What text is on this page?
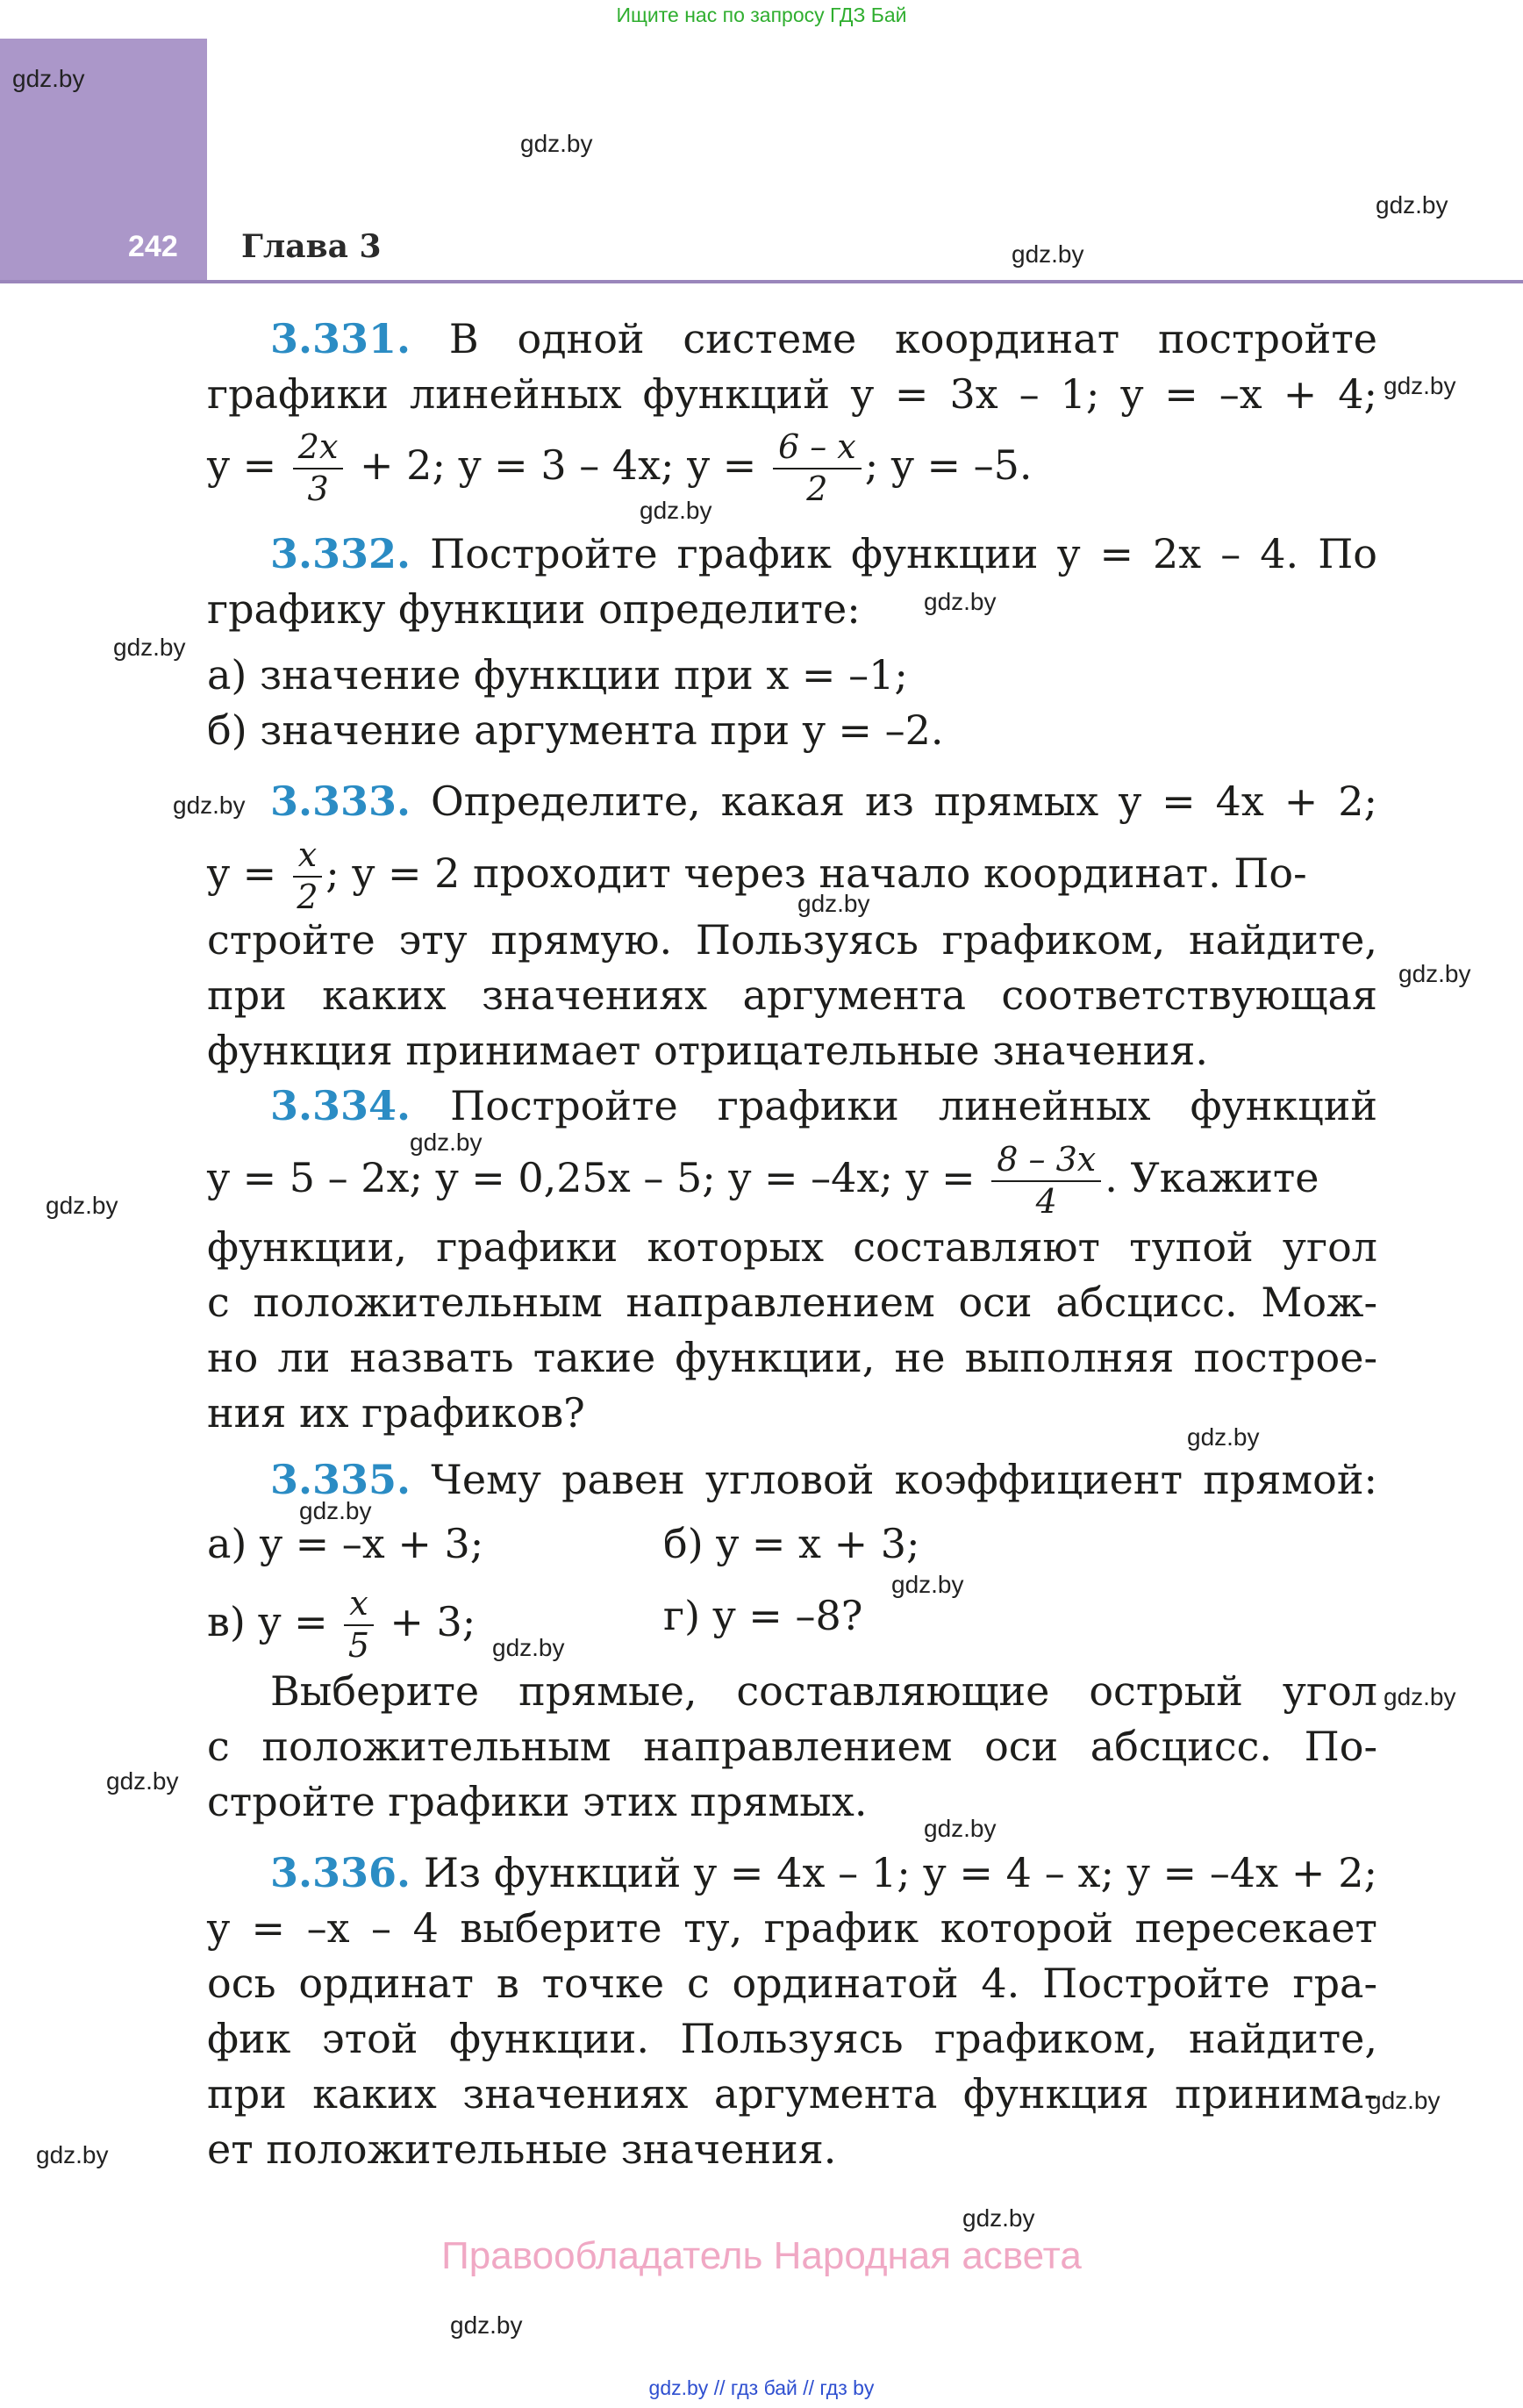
Ищите нас по запросу ГДЗ Бай
242 Глава 3
3.331. В одной системе координат постройте
графики линейных функций y = 3x – 1; y = –x + 4;
$y = \frac{2x}{3} + 2$; y = 3 – 4x; $y = \frac{6 - x}{2}$ ; y = –5.
3.332. Постройте график функции y = 2x – 4. По
графику функции определите:
а) значение функции при x = –1;
б) значение аргумента при y = –2.
3.333. Определите, какая из прямых y = 4x + 2;
$y = \frac{x}{2}$ ; y = 2 проходит через начало координат. По-
стройте эту прямую. Пользуясь графиком, найдите,
при каких значениях аргумента соответствующая
функция принимает отрицательные значения.
3.334. Постройте графики линейных функций
y = 5 – 2x; y = 0,25x – 5; y = –4x; $y = \frac{8 - 3x}{4}$ . Укажите
функции, графики которых составляют тупой угол
с положительным направлением оси абсцисс. Мож-
но ли назвать такие функции, не выполняя построе-
ния их графиков?
3.335. Чему равен угловой коэффициент прямой:
а) y = –x + 3;	б) y = x + 3;
в) $y = \frac{x}{5} + 3$;	г) y = –8?
Выберите прямые, составляющие острый угол
с положительным направлением оси абсцисс. По-
стройте графики этих прямых.
3.336. Из функций y = 4x – 1; y = 4 – x; y = –4x + 2;
y = –x – 4 выберите ту, график которой пересекает
ось ординат в точке с ординатой 4. Постройте гра-
фик этой функции. Пользуясь графиком, найдите,
при каких значениях аргумента функция принима-
ет положительные значения.
gdz.by
gdz.by
gdz.by
gdz.by
gdz.by
gdz.by
gdz.by
gdz.by
gdz.by
gdz.by
gdz.by
gdz.by
gdz.by
gdz.by
gdz.by
gdz.by
gdz.by
gdz.by
gdz.by
gdz.by
gdz.by
gdz.by
gdz.by
gdz.by
Правообладатель Народная асвета
gdz.by // гдз бай // гдз by
